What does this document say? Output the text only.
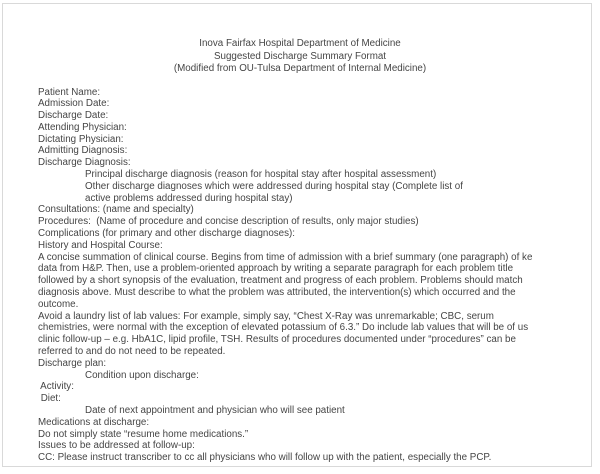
Inova Fairfax Hospital Department of Medicine
Suggested Discharge Summary Format
(Modified from OU-Tulsa Department of Internal Medicine)
Patient Name:
Admission Date:
Discharge Date:
Attending Physician:
Dictating Physician:
Admitting Diagnosis:
Discharge Diagnosis:
Principal discharge diagnosis (reason for hospital stay after hospital assessment)
Other discharge diagnoses which were addressed during hospital stay (Complete list of
active problems addressed during hospital stay)
Consultations: (name and specialty)
Procedures:  (Name of procedure and concise description of results, only major studies)
Complications (for primary and other discharge diagnoses):
History and Hospital Course:
A concise summation of clinical course. Begins from time of admission with a brief summary (one paragraph) of ke
data from H&P. Then, use a problem-oriented approach by writing a separate paragraph for each problem title
followed by a short synopsis of the evaluation, treatment and progress of each problem. Problems should match
diagnosis above. Must describe to what the problem was attributed, the intervention(s) which occurred and the
outcome.
Avoid a laundry list of lab values: For example, simply say, “Chest X-Ray was unremarkable; CBC, serum
chemistries, were normal with the exception of elevated potassium of 6.3.” Do include lab values that will be of us
clinic follow-up – e.g. HbA1C, lipid profile, TSH. Results of procedures documented under “procedures” can be
referred to and do not need to be repeated.
Discharge plan:
Condition upon discharge:
Activity:
Diet:
Date of next appointment and physician who will see patient
Medications at discharge:
Do not simply state “resume home medications.”
Issues to be addressed at follow-up:
CC: Please instruct transcriber to cc all physicians who will follow up with the patient, especially the PCP.
